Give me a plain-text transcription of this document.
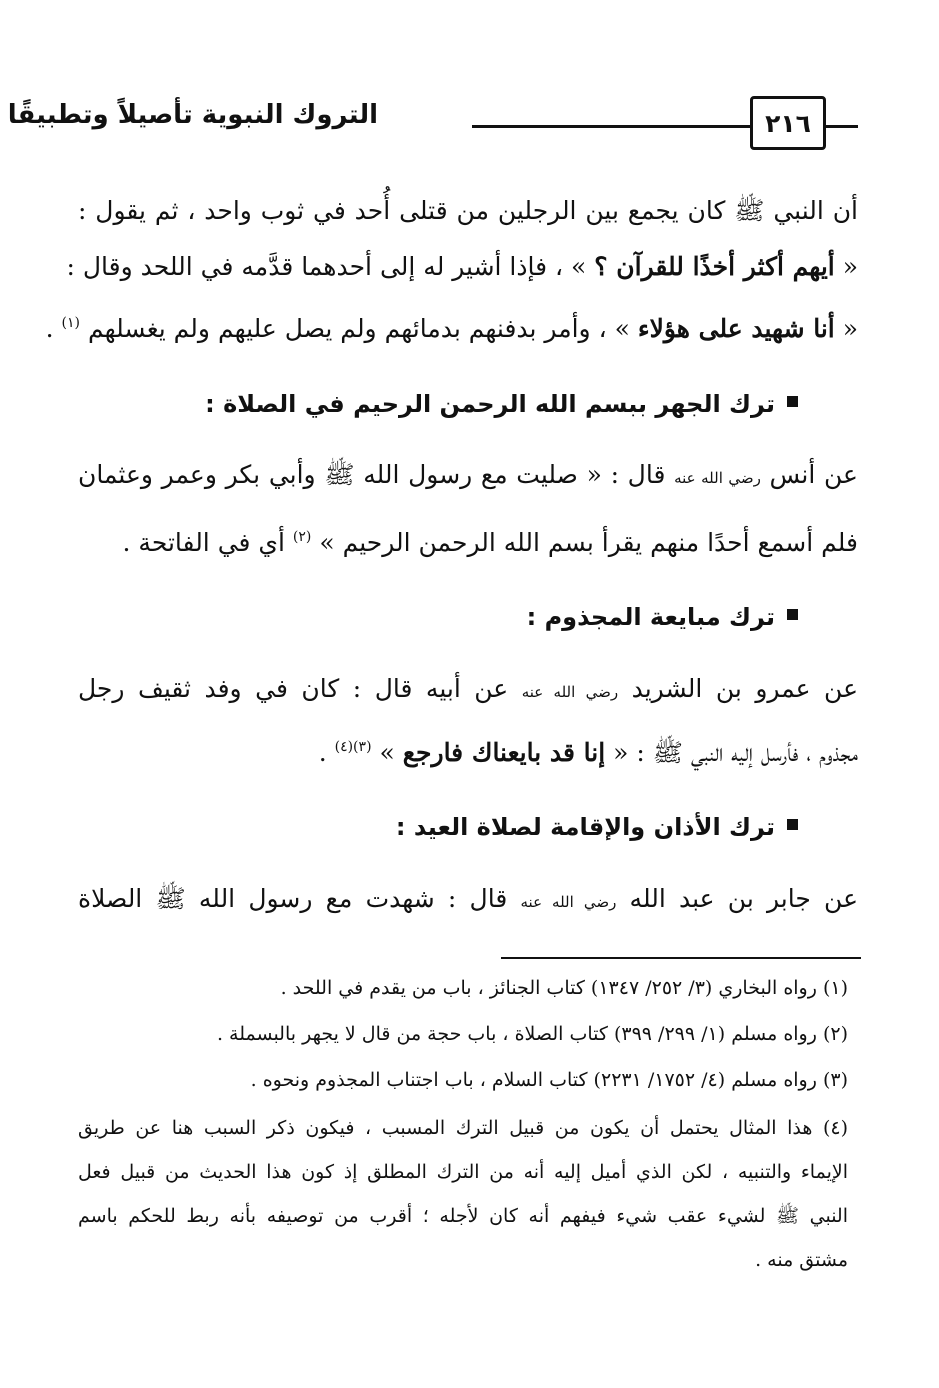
٢١٦
التروك النبوية تأصيلاً وتطبيقًا
أن النبي ﷺ كان يجمع بين الرجلين من قتلى أُحد في ثوب واحد ، ثم يقول :
« أيهم أكثر أخذًا للقرآن ؟ » ، فإذا أشير له إلى أحدهما قدَّمه في اللحد وقال :
« أنا شهيد على هؤلاء » ، وأمر بدفنهم بدمائهم ولم يصل عليهم ولم يغسلهم $^{(١)}$ .
ترك الجهر ببسم الله الرحمن الرحيم في الصلاة :
عن أنس رضي الله عنه قال : « صليت مع رسول الله ﷺ وأبي بكر وعمر وعثمان
فلم أسمع أحدًا منهم يقرأ بسم الله الرحمن الرحيم » $^{(٢)}$ أي في الفاتحة .
ترك مبايعة المجذوم :
عن عمرو بن الشريد رضي الله عنه عن أبيه قال : كان في وفد ثقيف رجل
مجذوم ، فأرسل إليه النبي ﷺ : « إنا قد بايعناك فارجع » $^{(٣)(٤)}$ .
ترك الأذان والإقامة لصلاة العيد :
عن جابر بن عبد الله رضي الله عنه قال : شهدت مع رسول الله ﷺ الصلاة
(١) رواه البخاري (٣/ ٢٥٢/ ١٣٤٧) كتاب الجنائز ، باب من يقدم في اللحد .
(٢) رواه مسلم (١/ ٢٩٩/ ٣٩٩) كتاب الصلاة ، باب حجة من قال لا يجهر بالبسملة .
(٣) رواه مسلم (٤/ ١٧٥٢/ ٢٢٣١) كتاب السلام ، باب اجتناب المجذوم ونحوه .
(٤) هذا المثال يحتمل أن يكون من قبيل الترك المسبب ، فيكون ذكر السبب هنا عن طريق
الإيماء والتنبيه ، لكن الذي أميل إليه أنه من الترك المطلق إذ كون هذا الحديث من قبيل فعل
النبي ﷺ لشيء عقب شيء فيفهم أنه كان لأجله ؛ أقرب من توصيفه بأنه ربط للحكم باسم
مشتق منه .
